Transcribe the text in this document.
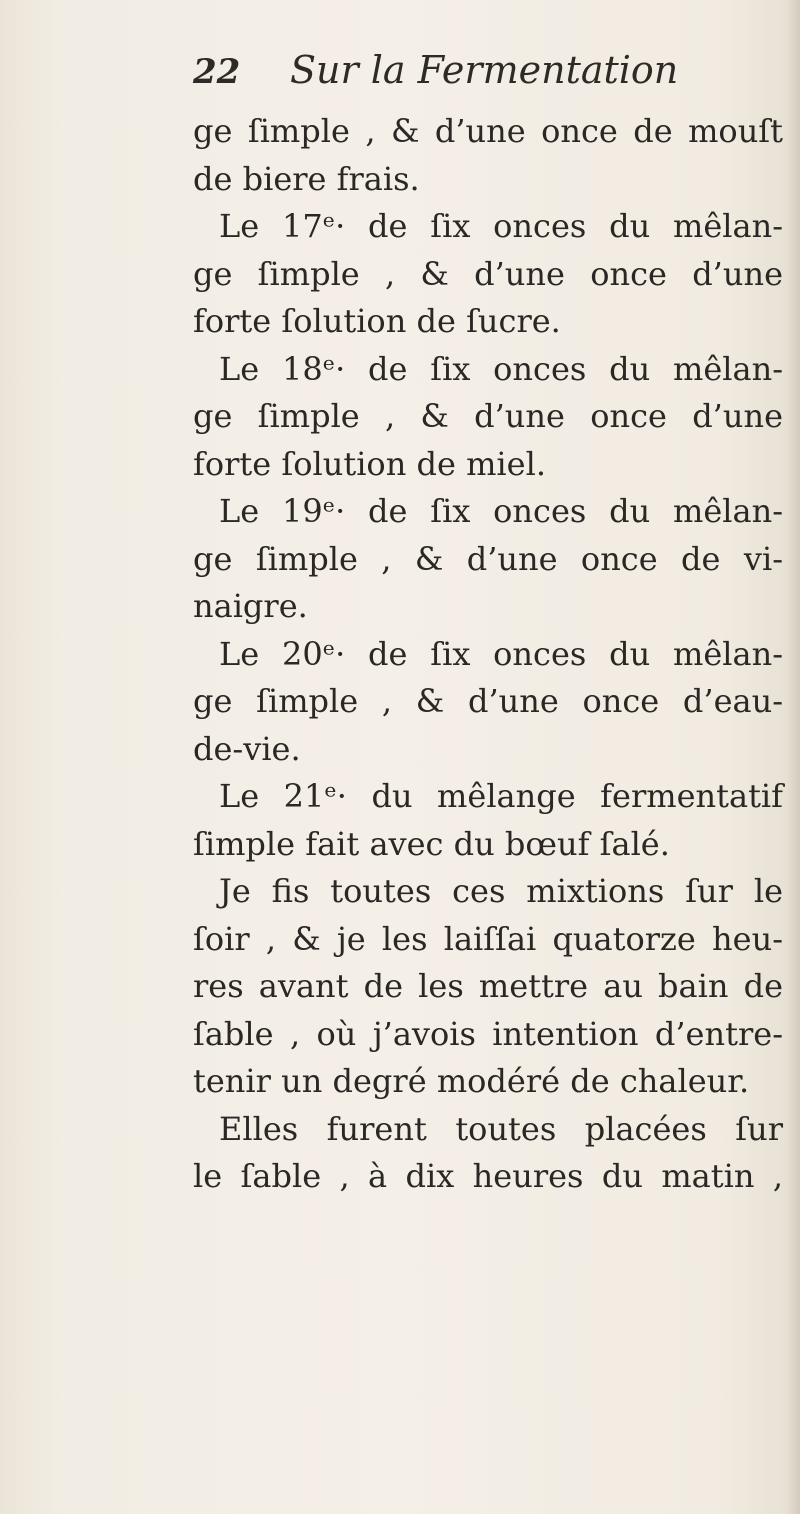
22 Sur la Fermentation
ge ſimple , & d’une once de mouſt
de biere frais.
Le 17ᵉ· de ſix onces du mêlan-
ge ſimple , & d’une once d’une
forte ſolution de ſucre.
Le 18ᵉ· de ſix onces du mêlan-
ge ſimple , & d’une once d’une
forte ſolution de miel.
Le 19ᵉ· de ſix onces du mêlan-
ge ſimple , & d’une once de vi-
naigre.
Le 20ᵉ· de ſix onces du mêlan-
ge ſimple , & d’une once d’eau-
de-vie.
Le 21ᵉ· du mêlange fermentatif
ſimple fait avec du bœuf ſalé.
Je fis toutes ces mixtions ſur le
ſoir , & je les laiſſai quatorze heu-
res avant de les mettre au bain de
ſable , où j’avois intention d’entre-
tenir un degré modéré de chaleur.
Elles furent toutes placées ſur
le ſable , à dix heures du matin ,
